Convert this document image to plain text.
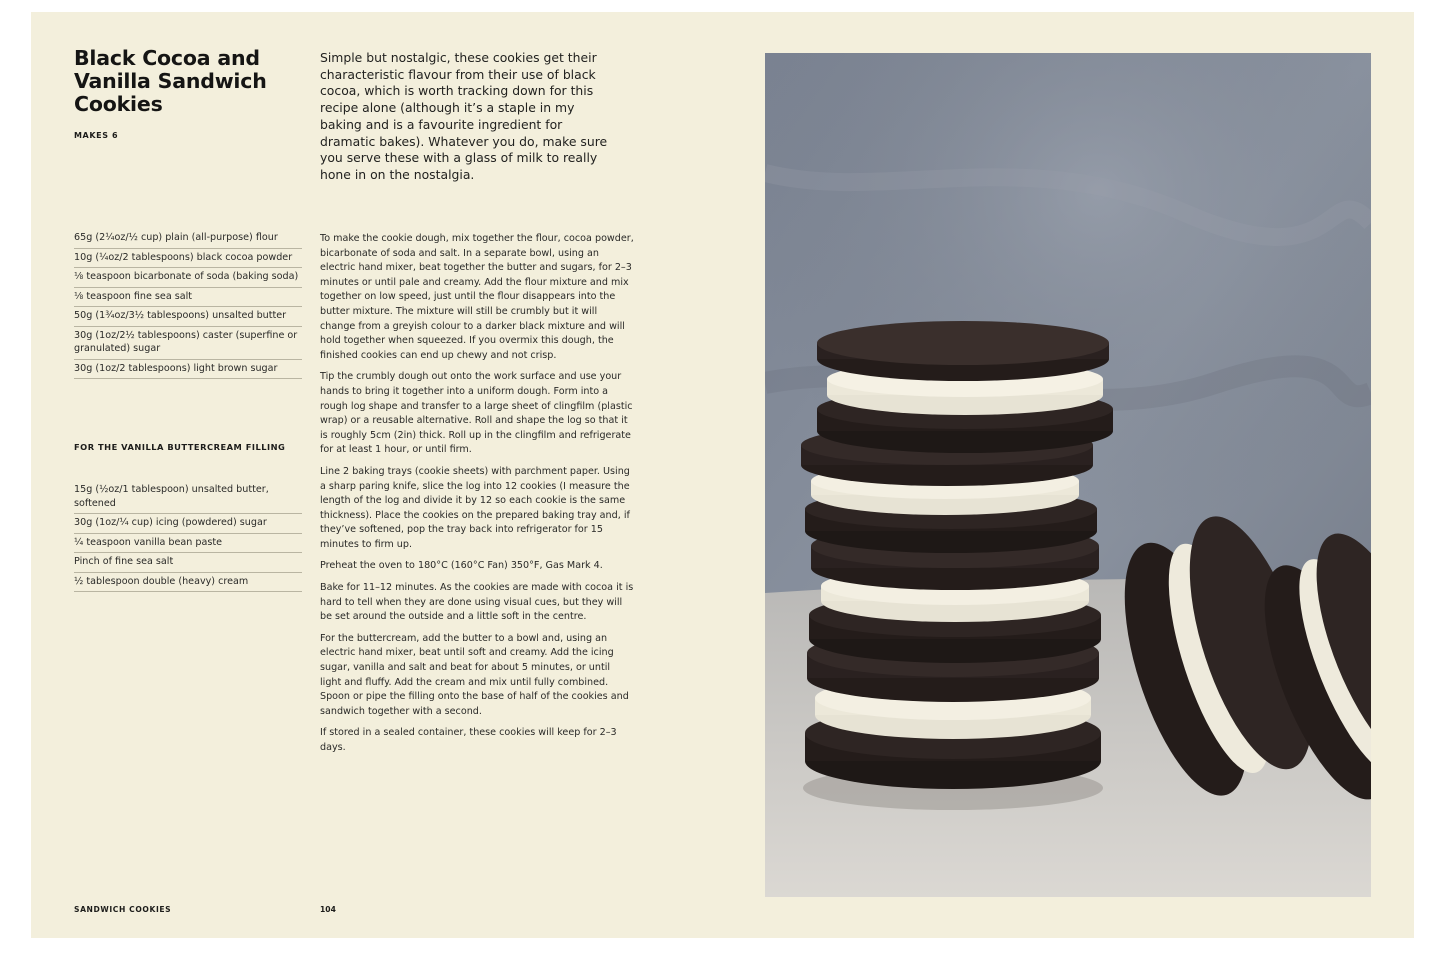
Black Cocoa and Vanilla Sandwich Cookies
MAKES 6

Simple but nostalgic, these cookies get their characteristic flavour from their use of black cocoa, which is worth tracking down for this recipe alone (although it’s a staple in my baking and is a favourite ingredient for dramatic bakes). Whatever you do, make sure you serve these with a glass of milk to really hone in on the nostalgia.

65g (2¼oz/½ cup) plain (all-purpose) flour
10g (¼oz/2 tablespoons) black cocoa powder
⅛ teaspoon bicarbonate of soda (baking soda)
⅛ teaspoon fine sea salt
50g (1¾oz/3½ tablespoons) unsalted butter
30g (1oz/2½ tablespoons) caster (superfine or granulated) sugar
30g (1oz/2 tablespoons) light brown sugar
FOR THE VANILLA BUTTERCREAM FILLING
15g (½oz/1 tablespoon) unsalted butter, softened
30g (1oz/¼ cup) icing (powdered) sugar
¼ teaspoon vanilla bean paste
Pinch of fine sea salt
½ tablespoon double (heavy) cream

To make the cookie dough, mix together the flour, cocoa powder, bicarbonate of soda and salt. In a separate bowl, using an electric hand mixer, beat together the butter and sugars, for 2–3 minutes or until pale and creamy. Add the flour mixture and mix together on low speed, just until the flour disappears into the butter mixture. The mixture will still be crumbly but it will change from a greyish colour to a darker black mixture and will hold together when squeezed. If you overmix this dough, the finished cookies can end up chewy and not crisp.

Tip the crumbly dough out onto the work surface and use your hands to bring it together into a uniform dough. Form into a rough log shape and transfer to a large sheet of clingfilm (plastic wrap) or a reusable alternative. Roll and shape the log so that it is roughly 5cm (2in) thick. Roll up in the clingfilm and refrigerate for at least 1 hour, or until firm.

Line 2 baking trays (cookie sheets) with parchment paper. Using a sharp paring knife, slice the log into 12 cookies (I measure the length of the log and divide it by 12 so each cookie is the same thickness). Place the cookies on the prepared baking tray and, if they’ve softened, pop the tray back into refrigerator for 15 minutes to firm up.

Preheat the oven to 180°C (160°C Fan) 350°F, Gas Mark 4.

Bake for 11–12 minutes. As the cookies are made with cocoa it is hard to tell when they are done using visual cues, but they will be set around the outside and a little soft in the centre.

For the buttercream, add the butter to a bowl and, using an electric hand mixer, beat until soft and creamy. Add the icing sugar, vanilla and salt and beat for about 5 minutes, or until light and fluffy. Add the cream and mix until fully combined. Spoon or pipe the filling onto the base of half of the cookies and sandwich together with a second.

If stored in a sealed container, these cookies will keep for 2–3 days.

SANDWICH COOKIES	104
